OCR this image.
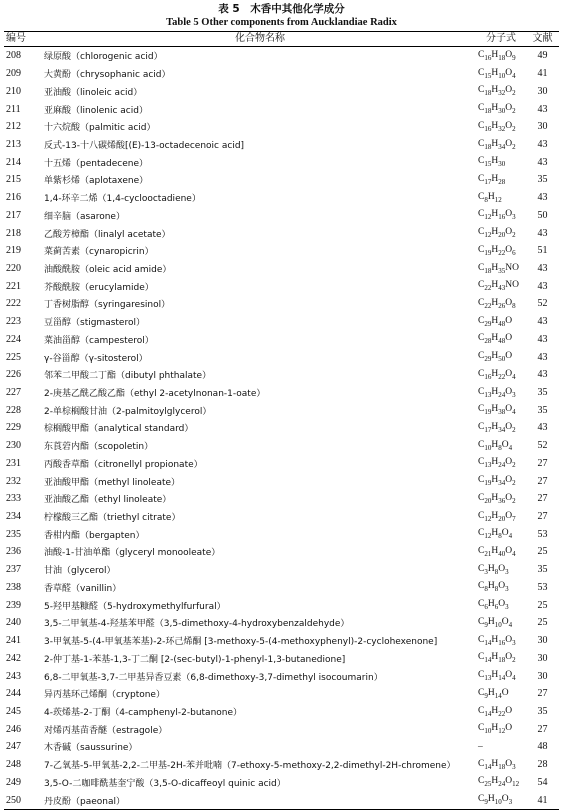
表 5　木香中其他化学成分
Table 5 Other components from Aucklandiae Radix
编号	化合物名称	分子式	文献
208	绿原酸（chlorogenic acid）	$C_{16}H_{18}O_9$	49
209	大黄酚（chrysophanic acid）	$C_{15}H_{10}O_4$	41
210	亚油酸（linoleic acid）	$C_{18}H_{32}O_2$	30
211	亚麻酸（linolenic acid）	$C_{18}H_{30}O_2$	43
212	十六烷酸（palmitic acid）	$C_{16}H_{32}O_2$	30
213	反式-13-十八碳烯酸[(E)-13-octadecenoic acid]	$C_{18}H_{34}O_2$	43
214	十五烯（pentadecene）	$C_{15}H_{30}$	43
215	单紫杉烯（aplotaxene）	$C_{17}H_{28}$	35
216	1,4-环辛二烯（1,4-cyclooctadiene）	$C_8H_{12}$	43
217	细辛脑（asarone）	$C_{12}H_{16}O_3$	50
218	乙酸芳樟酯（linalyl acetate）	$C_{12}H_{20}O_2$	43
219	菜蓟苦素（cynaropicrin）	$C_{19}H_{22}O_6$	51
220	油酸酰胺（oleic acid amide）	$C_{18}H_{35}NO$	43
221	芥酸酰胺（erucylamide）	$C_{22}H_{43}NO$	43
222	丁香树脂醇（syringaresinol）	$C_{22}H_{26}O_8$	52
223	豆甾醇（stigmasterol）	$C_{29}H_{48}O$	43
224	菜油甾醇（campesterol）	$C_{28}H_{48}O$	43
225	γ-谷甾醇（γ-sitosterol）	$C_{29}H_{50}O$	43
226	邻苯二甲酸二丁酯（dibutyl phthalate）	$C_{16}H_{22}O_4$	43
227	2-庚基乙酰乙酸乙酯（ethyl 2-acetylnonan-1-oate）	$C_{13}H_{24}O_3$	35
228	2-单棕榈酸甘油（2-palmitoylglycerol）	$C_{19}H_{38}O_4$	35
229	棕榈酸甲酯（analytical standard）	$C_{17}H_{34}O_2$	43
230	东莨菪内酯（scopoletin）	$C_{10}H_8O_4$	52
231	丙酸香草酯（citronellyl propionate）	$C_{13}H_{24}O_2$	27
232	亚油酸甲酯（methyl linoleate）	$C_{19}H_{34}O_2$	27
233	亚油酸乙酯（ethyl linoleate）	$C_{20}H_{36}O_2$	27
234	柠檬酸三乙酯（triethyl citrate）	$C_{12}H_{20}O_7$	27
235	香柑内酯（bergapten）	$C_{12}H_8O_4$	53
236	油酸-1-甘油单酯（glyceryl monooleate）	$C_{21}H_{40}O_4$	25
237	甘油（glycerol）	$C_3H_8O_3$	35
238	香草醛（vanillin）	$C_8H_8O_3$	53
239	5-羟甲基糠醛（5-hydroxymethylfurfural）	$C_6H_6O_3$	25
240	3,5-二甲氧基-4-羟基苯甲醛（3,5-dimethoxy-4-hydroxybenzaldehyde）	$C_9H_{10}O_4$	25
241	3-甲氧基-5-(4-甲氧基苯基)-2-环己烯酮 [3-methoxy-5-(4-methoxyphenyl)-2-cyclohexenone]	$C_{14}H_{16}O_3$	30
242	2-仲丁基-1-苯基-1,3-丁二酮 [2-(sec-butyl)-1-phenyl-1,3-butanedione]	$C_{14}H_{18}O_2$	30
243	6,8-二甲氧基-3,7-二甲基异香豆素（6,8-dimethoxy-3,7-dimethyl isocoumarin）	$C_{13}H_{14}O_4$	30
244	异丙基环己烯酮（cryptone）	$C_9H_{14}O$	27
245	4-莰烯基-2-丁酮（4-camphenyl-2-butanone）	$C_{14}H_{22}O$	35
246	对烯丙基苗香醚（estragole）	$C_{10}H_{12}O$	27
247	木香碱（saussurine）	–	48
248	7-乙氧基-5-甲氧基-2,2-二甲基-2H-苯并吡喃（7-ethoxy-5-methoxy-2,2-dimethyl-2H-chromene）	$C_{14}H_{18}O_3$	28
249	3,5-O-二咖啡酰基奎宁酸（3,5-O-dicaffeoyl quinic acid）	$C_{25}H_{24}O_{12}$	54
250	丹皮酚（paeonal）	$C_9H_{10}O_3$	41
